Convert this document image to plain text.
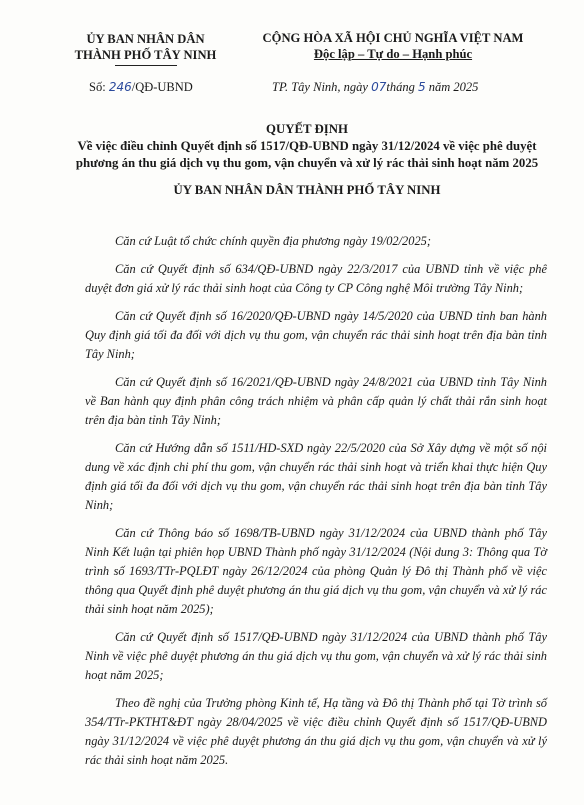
ỦY BAN NHÂN DÂN
THÀNH PHỐ TÂY NINH
CỘNG HÒA XÃ HỘI CHỦ NGHĨA VIỆT NAM
Độc lập – Tự do – Hạnh phúc
Số: 246/QĐ-UBND	TP. Tây Ninh, ngày 07tháng 5 năm 2025
QUYẾT ĐỊNH
Về việc điều chỉnh Quyết định số 1517/QĐ-UBND ngày 31/12/2024 về việc phê duyệt phương án thu giá dịch vụ thu gom, vận chuyển và xử lý rác thải sinh hoạt năm 2025
ỦY BAN NHÂN DÂN THÀNH PHỐ TÂY NINH

Căn cứ Luật tổ chức chính quyền địa phương ngày 19/02/2025;

Căn cứ Quyết định số 634/QĐ-UBND ngày 22/3/2017 của UBND tỉnh về việc phê duyệt đơn giá xử lý rác thải sinh hoạt của Công ty CP Công nghệ Môi trường Tây Ninh;

Căn cứ Quyết định số 16/2020/QĐ-UBND ngày 14/5/2020 của UBND tỉnh ban hành Quy định giá tối đa đối với dịch vụ thu gom, vận chuyển rác thải sinh hoạt trên địa bàn tỉnh Tây Ninh;

Căn cứ Quyết định số 16/2021/QĐ-UBND ngày 24/8/2021 của UBND tỉnh Tây Ninh về Ban hành quy định phân công trách nhiệm và phân cấp quản lý chất thải rắn sinh hoạt trên địa bàn tỉnh Tây Ninh;

Căn cứ Hướng dẫn số 1511/HD-SXD ngày 22/5/2020 của Sở Xây dựng về một số nội dung về xác định chi phí thu gom, vận chuyển rác thải sinh hoạt và triển khai thực hiện Quy định giá tối đa đối với dịch vụ thu gom, vận chuyển rác thải sinh hoạt trên địa bàn tỉnh Tây Ninh;

Căn cứ Thông báo số 1698/TB-UBND ngày 31/12/2024 của UBND thành phố Tây Ninh Kết luận tại phiên họp UBND Thành phố ngày 31/12/2024 (Nội dung 3: Thông qua Tờ trình số 1693/TTr-PQLĐT ngày 26/12/2024 của phòng Quản lý Đô thị Thành phố về việc thông qua Quyết định phê duyệt phương án thu giá dịch vụ thu gom, vận chuyển và xử lý rác thải sinh hoạt năm 2025);

Căn cứ Quyết định số 1517/QĐ-UBND ngày 31/12/2024 của UBND thành phố Tây Ninh về việc phê duyệt phương án thu giá dịch vụ thu gom, vận chuyển và xử lý rác thải sinh hoạt năm 2025;

Theo đề nghị của Trưởng phòng Kinh tế, Hạ tầng và Đô thị Thành phố tại Tờ trình số 354/TTr-PKTHT&ĐT ngày 28/04/2025 về việc điều chỉnh Quyết định số 1517/QĐ-UBND ngày 31/12/2024 về việc phê duyệt phương án thu giá dịch vụ thu gom, vận chuyển và xử lý rác thải sinh hoạt năm 2025.
